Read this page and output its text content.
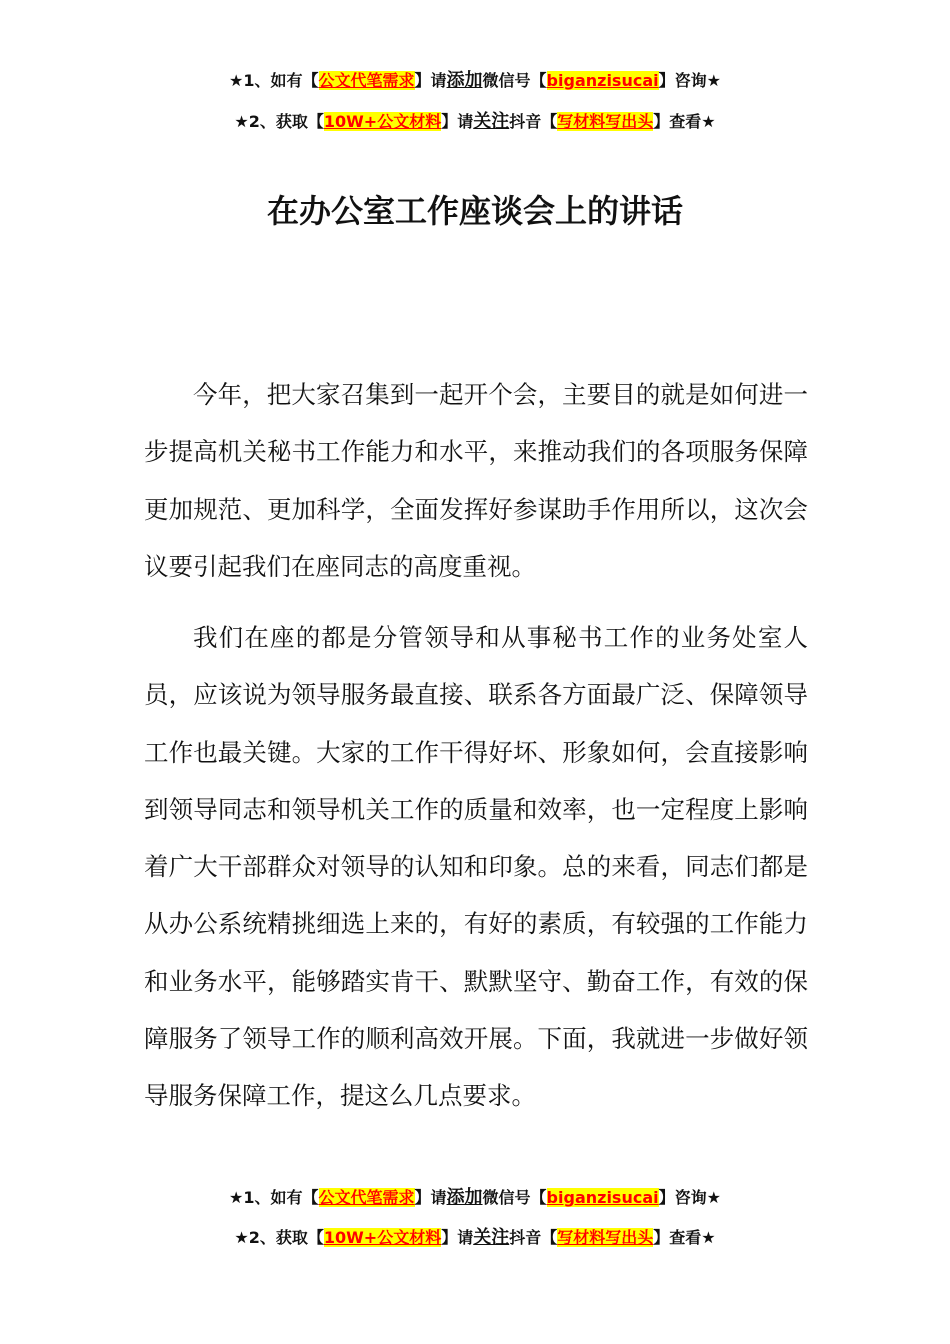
★1、如有【公文代笔需求】请添加微信号【biganzisucai】咨询★
★2、获取【10W+公文材料】请关注抖音【写材料写出头】查看★
在办公室工作座谈会上的讲话

今年，把大家召集到一起开个会，主要目的就是如何进一步提高机关秘书工作能力和水平，来推动我们的各项服务保障更加规范、更加科学，全面发挥好参谋助手作用所以，这次会议要引起我们在座同志的高度重视。

我们在座的都是分管领导和从事秘书工作的业务处室人员，应该说为领导服务最直接、联系各方面最广泛、保障领导工作也最关键。大家的工作干得好坏、形象如何，会直接影响到领导同志和领导机关工作的质量和效率，也一定程度上影响着广大干部群众对领导的认知和印象。总的来看，同志们都是从办公系统精挑细选上来的，有好的素质，有较强的工作能力和业务水平，能够踏实肯干、默默坚守、勤奋工作，有效的保障服务了领导工作的顺利高效开展。下面，我就进一步做好领导服务保障工作，提这么几点要求。

★1、如有【公文代笔需求】请添加微信号【biganzisucai】咨询★
★2、获取【10W+公文材料】请关注抖音【写材料写出头】查看★
